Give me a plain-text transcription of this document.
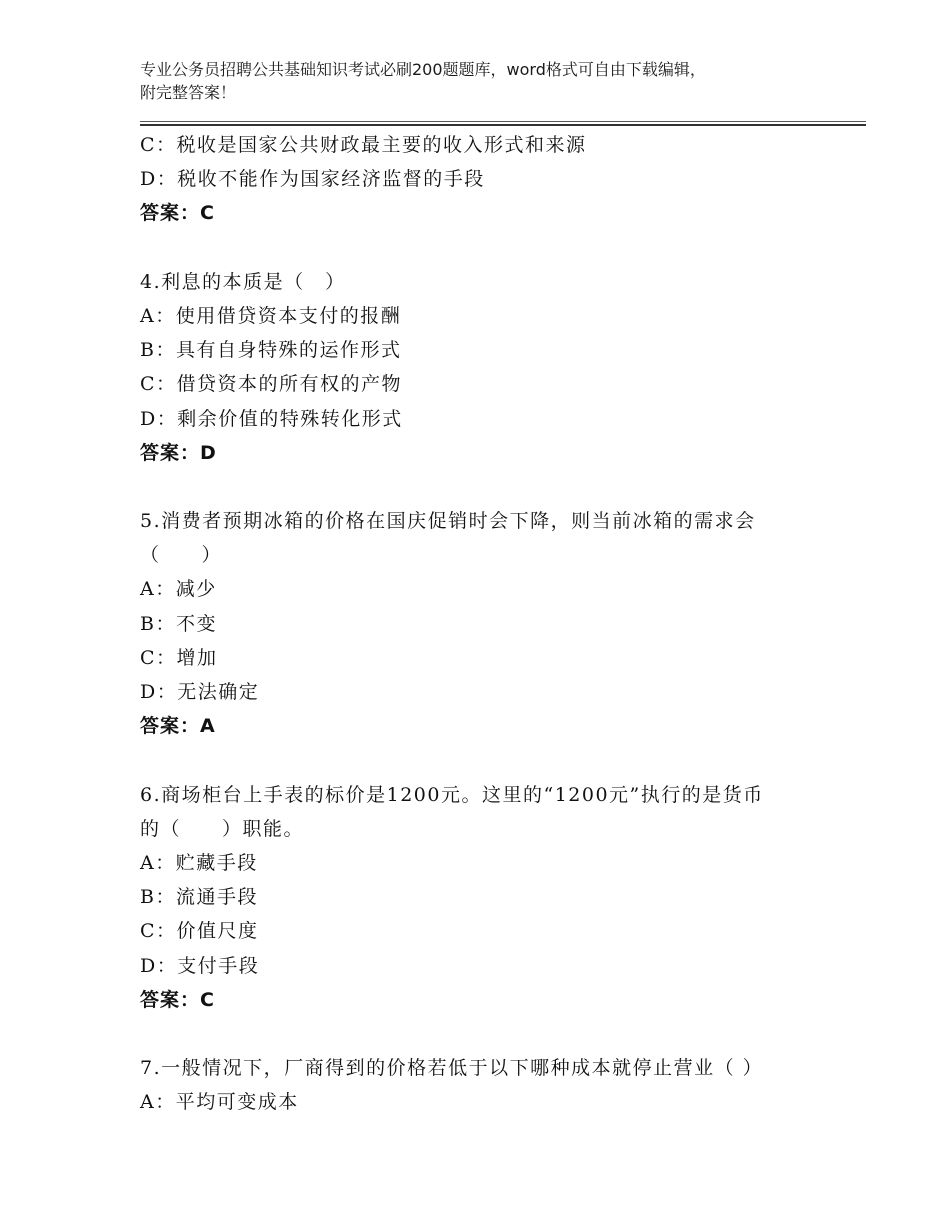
专业公务员招聘公共基础知识考试必刷200题题库，word格式可自由下载编辑，
附完整答案！
C：税收是国家公共财政最主要的收入形式和来源
D：税收不能作为国家经济监督的手段
答案：C
4.利息的本质是（　）
A：使用借贷资本支付的报酬
B：具有自身特殊的运作形式
C：借贷资本的所有权的产物
D：剩余价值的特殊转化形式
答案：D
5.消费者预期冰箱的价格在国庆促销时会下降，则当前冰箱的需求会
（　　）
A：减少
B：不变
C：增加
D：无法确定
答案：A
6.商场柜台上手表的标价是1200元。这里的“1200元”执行的是货币
的（　　）职能。
A：贮藏手段
B：流通手段
C：价值尺度
D：支付手段
答案：C
7.一般情况下，厂商得到的价格若低于以下哪种成本就停止营业（ ）
A：平均可变成本
